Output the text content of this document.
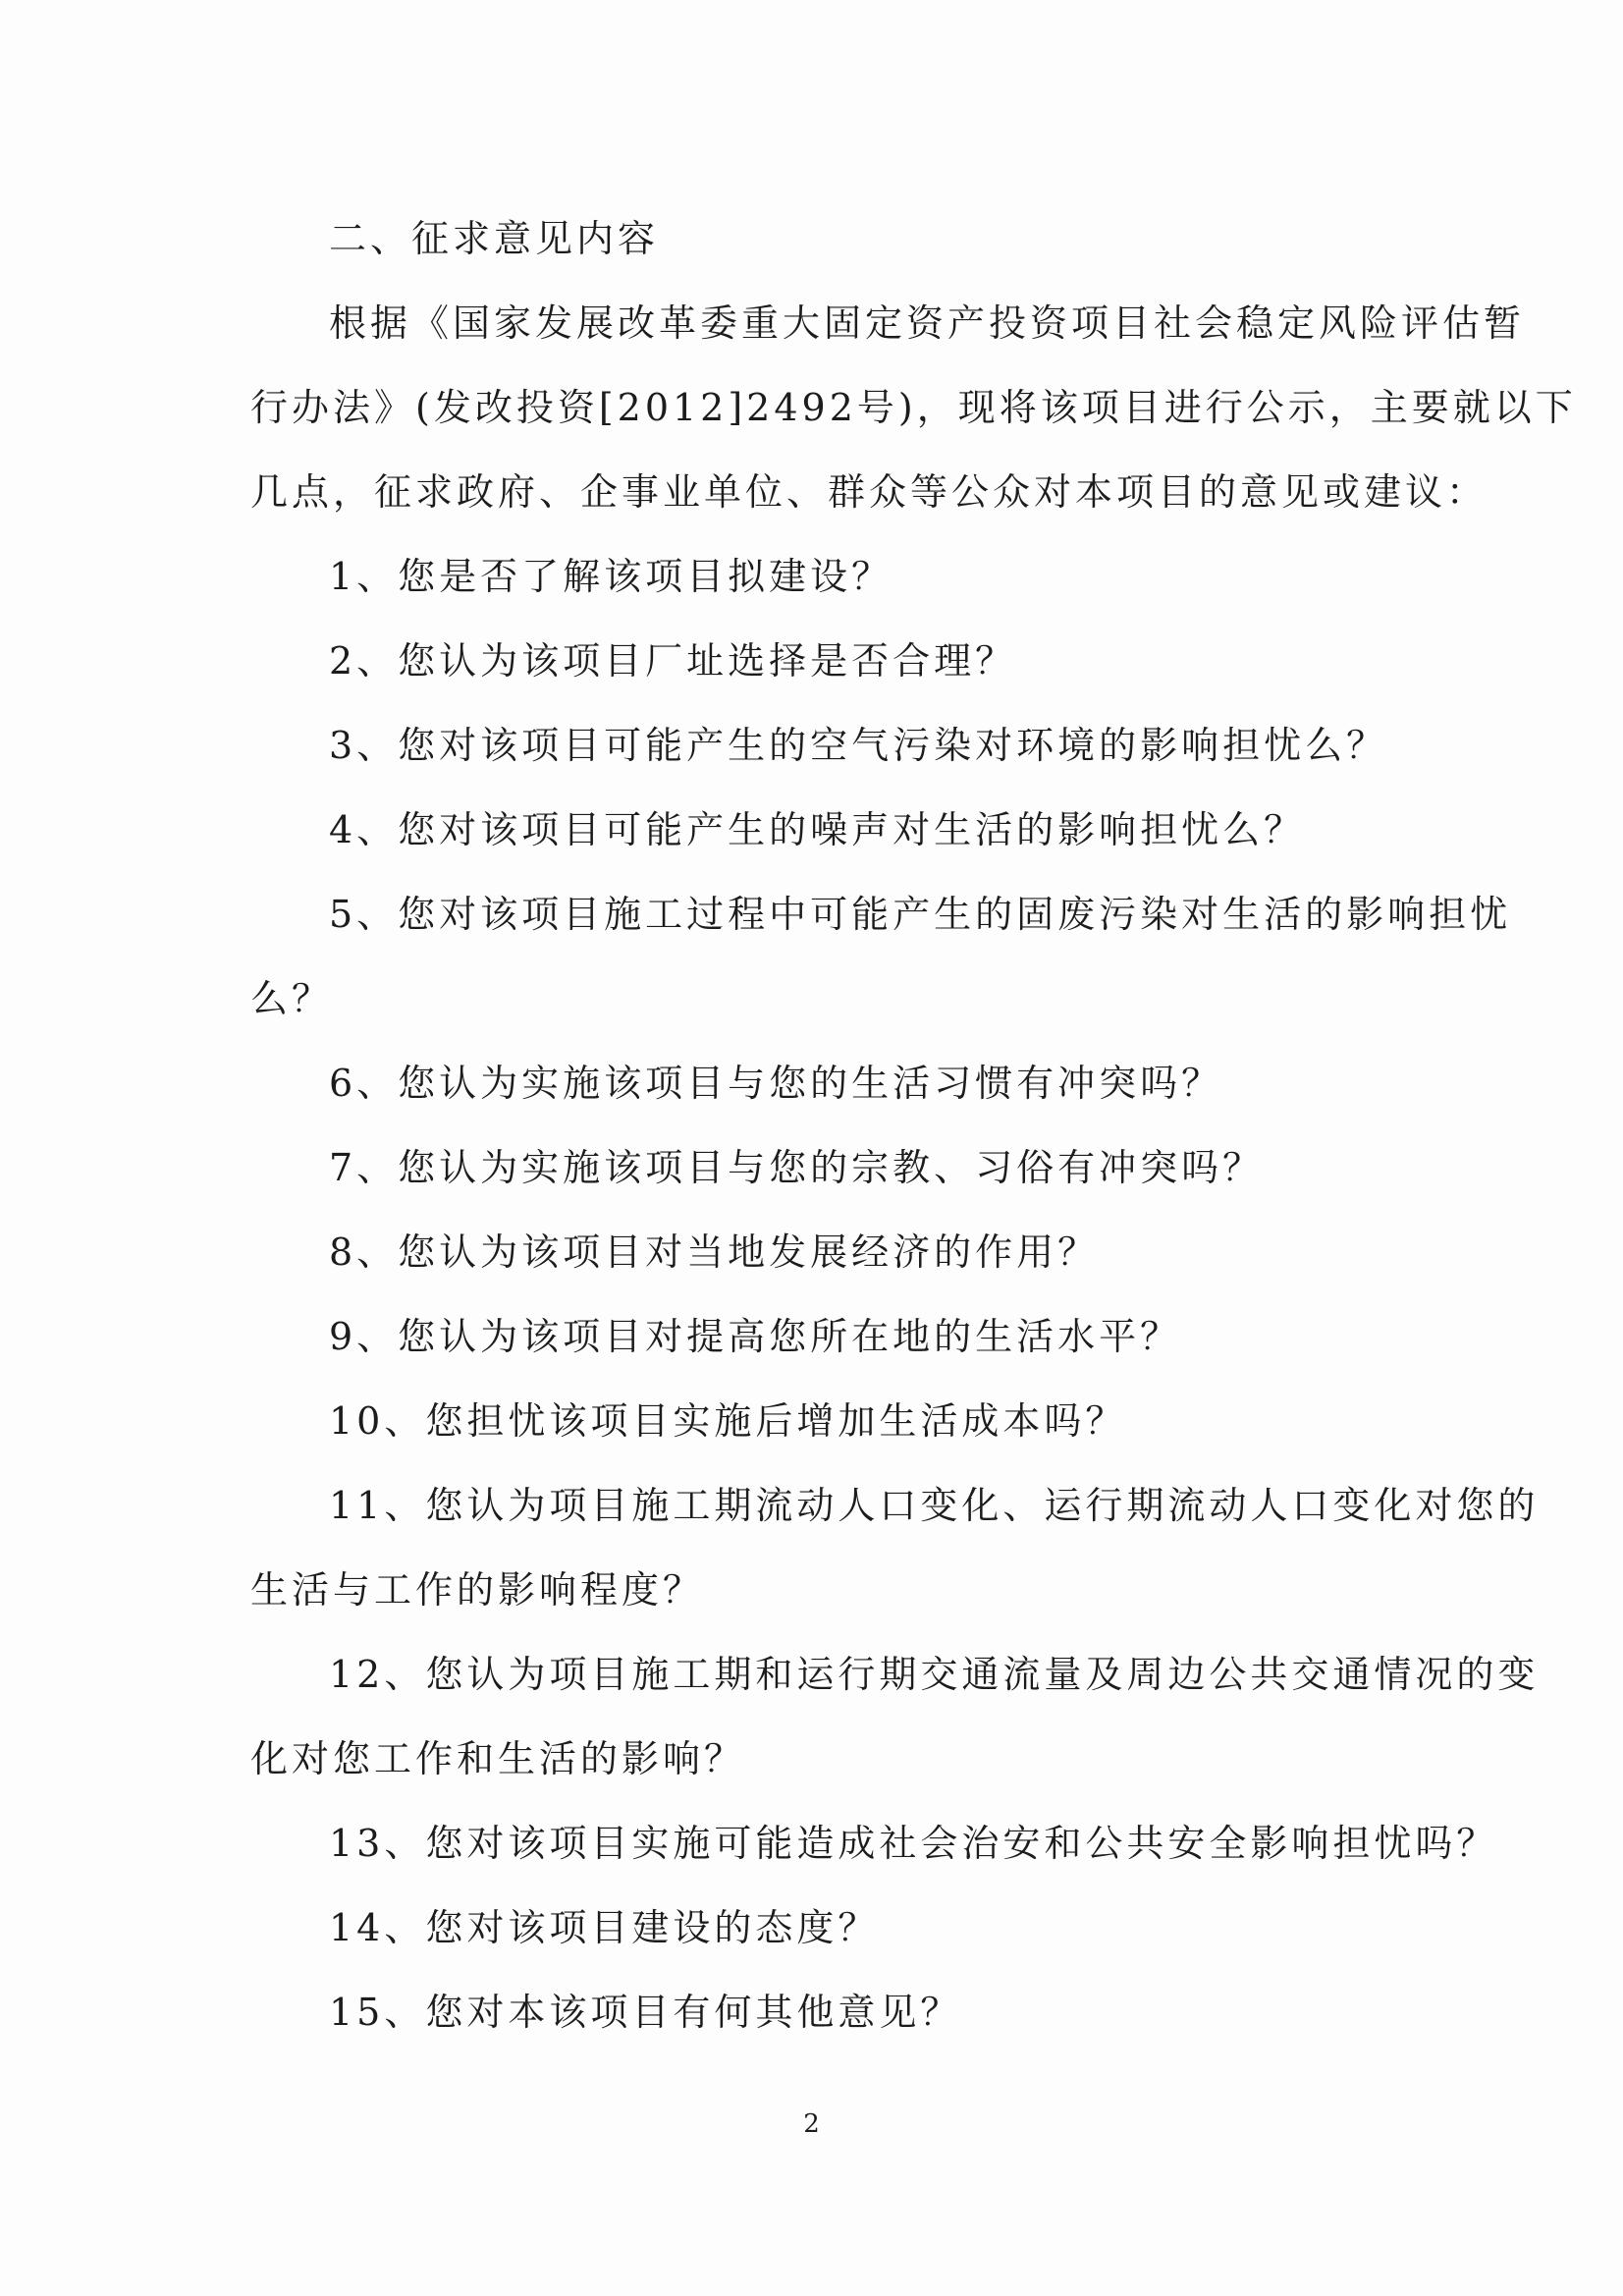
二、征求意见内容
根据《国家发展改革委重大固定资产投资项目社会稳定风险评估暂
行办法》(发改投资[2012]2492号)，现将该项目进行公示，主要就以下
几点，征求政府、企事业单位、群众等公众对本项目的意见或建议：
1、您是否了解该项目拟建设？
2、您认为该项目厂址选择是否合理？
3、您对该项目可能产生的空气污染对环境的影响担忧么？
4、您对该项目可能产生的噪声对生活的影响担忧么？
5、您对该项目施工过程中可能产生的固废污染对生活的影响担忧
么？
6、您认为实施该项目与您的生活习惯有冲突吗？
7、您认为实施该项目与您的宗教、习俗有冲突吗？
8、您认为该项目对当地发展经济的作用？
9、您认为该项目对提高您所在地的生活水平？
10、您担忧该项目实施后增加生活成本吗？
11、您认为项目施工期流动人口变化、运行期流动人口变化对您的
生活与工作的影响程度？
12、您认为项目施工期和运行期交通流量及周边公共交通情况的变
化对您工作和生活的影响？
13、您对该项目实施可能造成社会治安和公共安全影响担忧吗？
14、您对该项目建设的态度？
15、您对本该项目有何其他意见？
2
